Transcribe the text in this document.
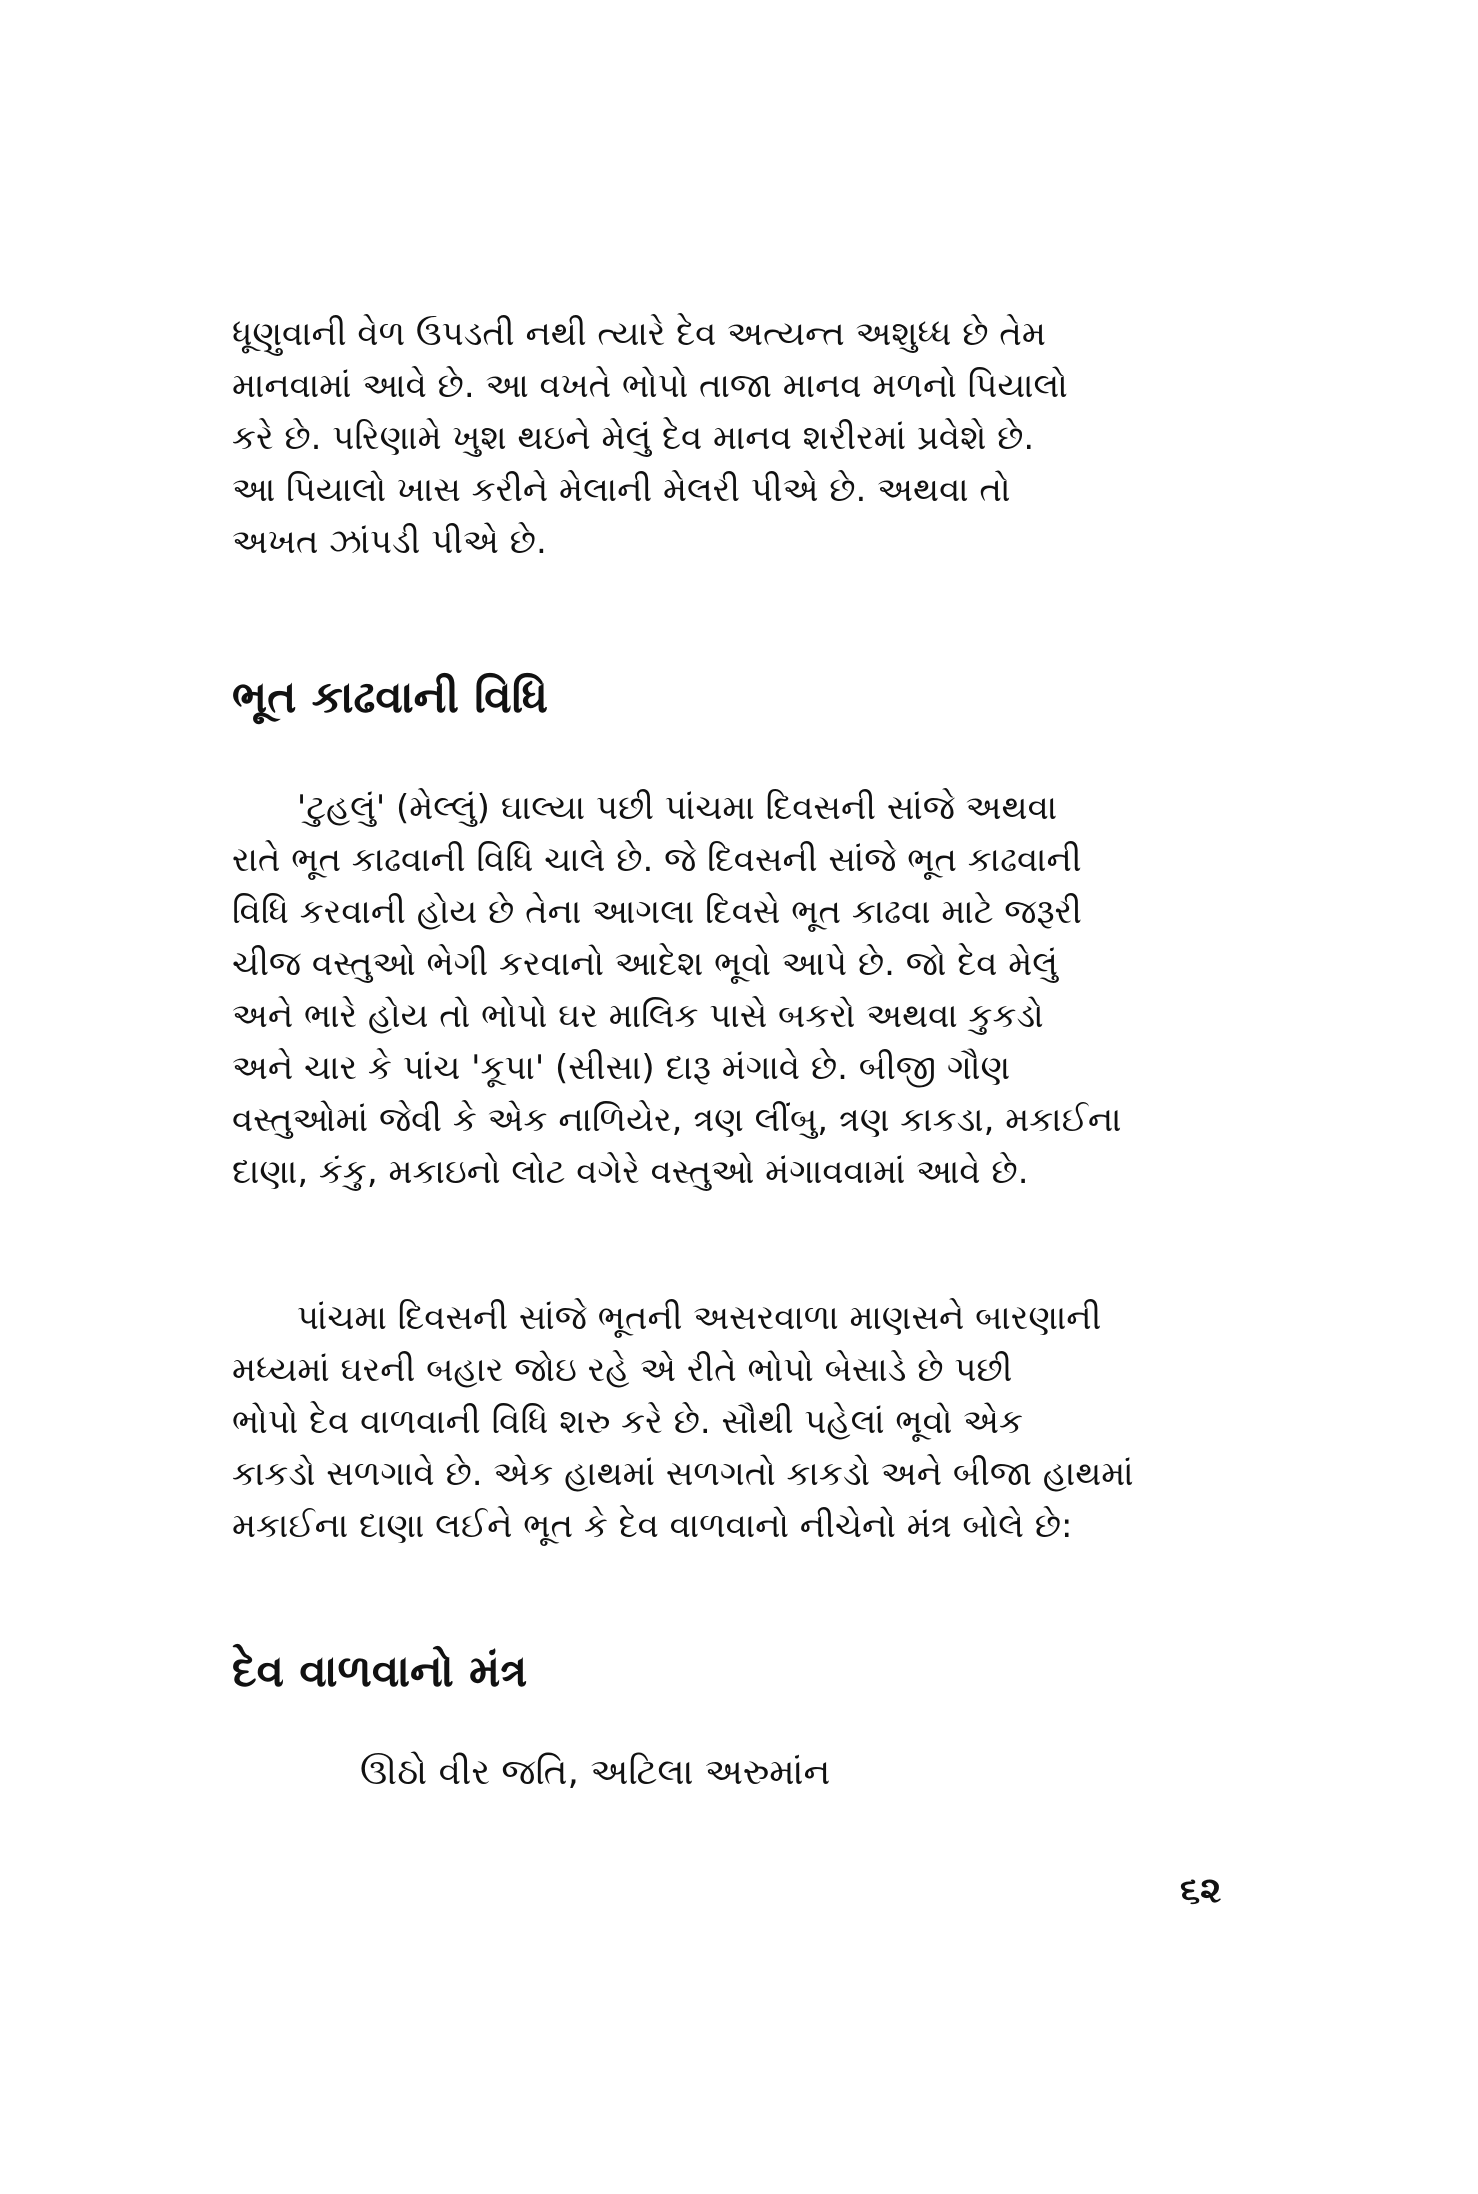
ધૂણુવાની વેળ ઉપડતી નથી ત્યારે દેવ અત્યન્ત અશુધ્ધ છે તેમ
માનવામાં આવે છે. આ વખતે ભોપો તાજા માનવ મળનો પિયાલો
કરે છે. પરિણામે ખુશ થઇને મેલું દેવ માનવ શરીરમાં પ્રવેશે છે.
આ પિયાલો ખાસ કરીને મેલાની મેલરી પીએ છે. અથવા તો
અખત ઝાંપડી પીએ છે.
ભૂત કાઢવાની વિધિ
'ટુહલું' (મેલ્લું) ઘાલ્યા પછી પાંચમા દિવસની સાંજે અથવા
રાતે ભૂત કાઢવાની વિધિ ચાલે છે. જે દિવસની સાંજે ભૂત કાઢવાની
વિધિ કરવાની હોય છે તેના આગલા દિવસે ભૂત કાઢવા માટે જરૂરી
ચીજ વસ્તુઓ ભેગી કરવાનો આદેશ ભૂવો આપે છે. જો દેવ મેલું
અને ભારે હોય તો ભોપો ઘર માલિક પાસે બકરો અથવા કુકડો
અને ચાર કે પાંચ 'કૂપા' (સીસા) દારૂ મંગાવે છે. બીજી ગૌણ
વસ્તુઓમાં જેવી કે એક નાળિયેર, ત્રણ લીંબુ, ત્રણ કાકડા, મકાઈના
દાણા, કંકુ, મકાઇનો લોટ વગેરે વસ્તુઓ મંગાવવામાં આવે છે.
પાંચમા દિવસની સાંજે ભૂતની અસરવાળા માણસને બારણાની
મધ્યમાં ઘરની બહાર જોઇ રહે એ રીતે ભોપો બેસાડે છે પછી
ભોપો દેવ વાળવાની વિધિ શરુ કરે છે. સૌથી પહેલાં ભૂવો એક
કાકડો સળગાવે છે. એક હાથમાં સળગતો કાકડો અને બીજા હાથમાં
મકાઈના દાણા લઈને ભૂત કે દેવ વાળવાનો નીચેનો મંત્ર બોલે છે:
દેવ વાળવાનો મંત્ર

ઊઠો વીર જતિ, અટિલા અરુમાંન

૬૨
